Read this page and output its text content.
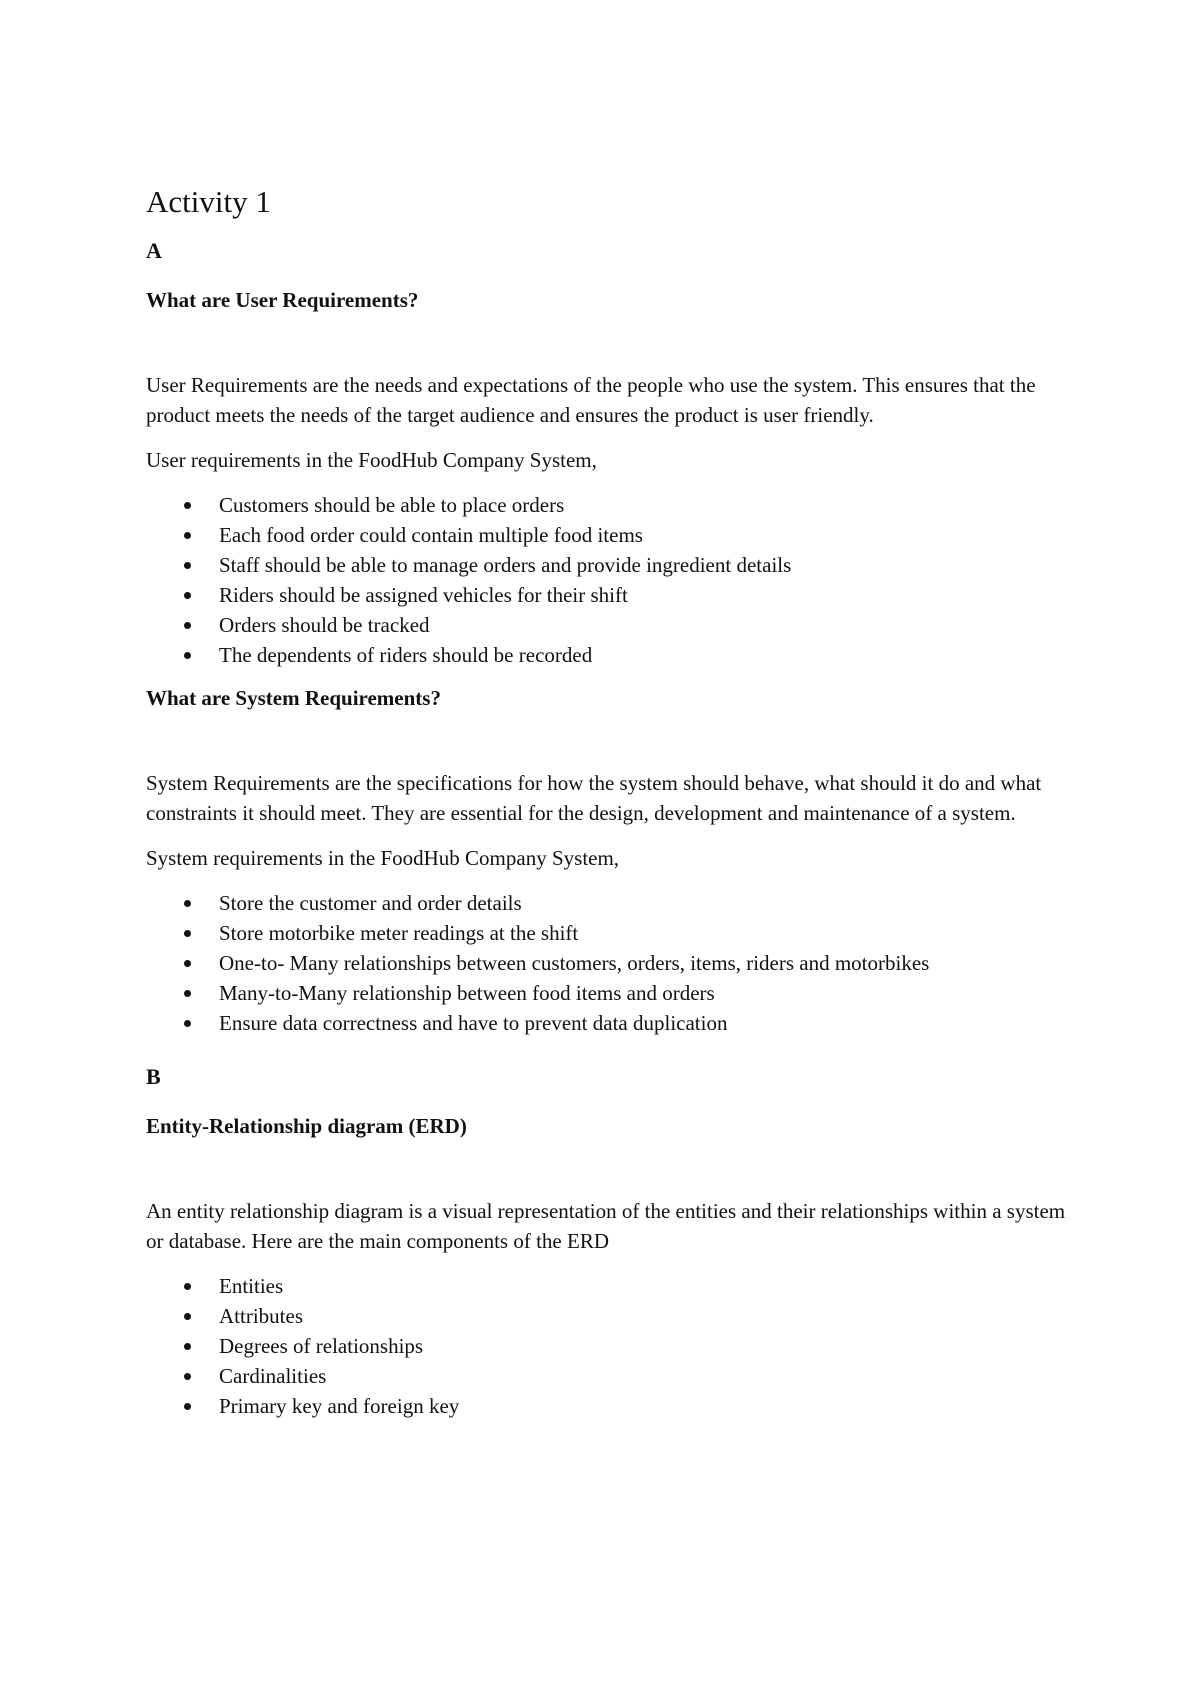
Activity 1
A
What are User Requirements?

User Requirements are the needs and expectations of the people who use the system. This ensures that the product meets the needs of the target audience and ensures the product is user friendly.

User requirements in the FoodHub Company System,

Customers should be able to place orders
Each food order could contain multiple food items
Staff should be able to manage orders and provide ingredient details
Riders should be assigned vehicles for their shift
Orders should be tracked
The dependents of riders should be recorded
What are System Requirements?

System Requirements are the specifications for how the system should behave, what should it do and what constraints it should meet. They are essential for the design, development and maintenance of a system.

System requirements in the FoodHub Company System,

Store the customer and order details
Store motorbike meter readings at the shift
One-to- Many relationships between customers, orders, items, riders and motorbikes
Many-to-Many relationship between food items and orders
Ensure data correctness and have to prevent data duplication
B
Entity-Relationship diagram (ERD)

An entity relationship diagram is a visual representation of the entities and their relationships within a system or database. Here are the main components of the ERD

Entities
Attributes
Degrees of relationships
Cardinalities
Primary key and foreign key
